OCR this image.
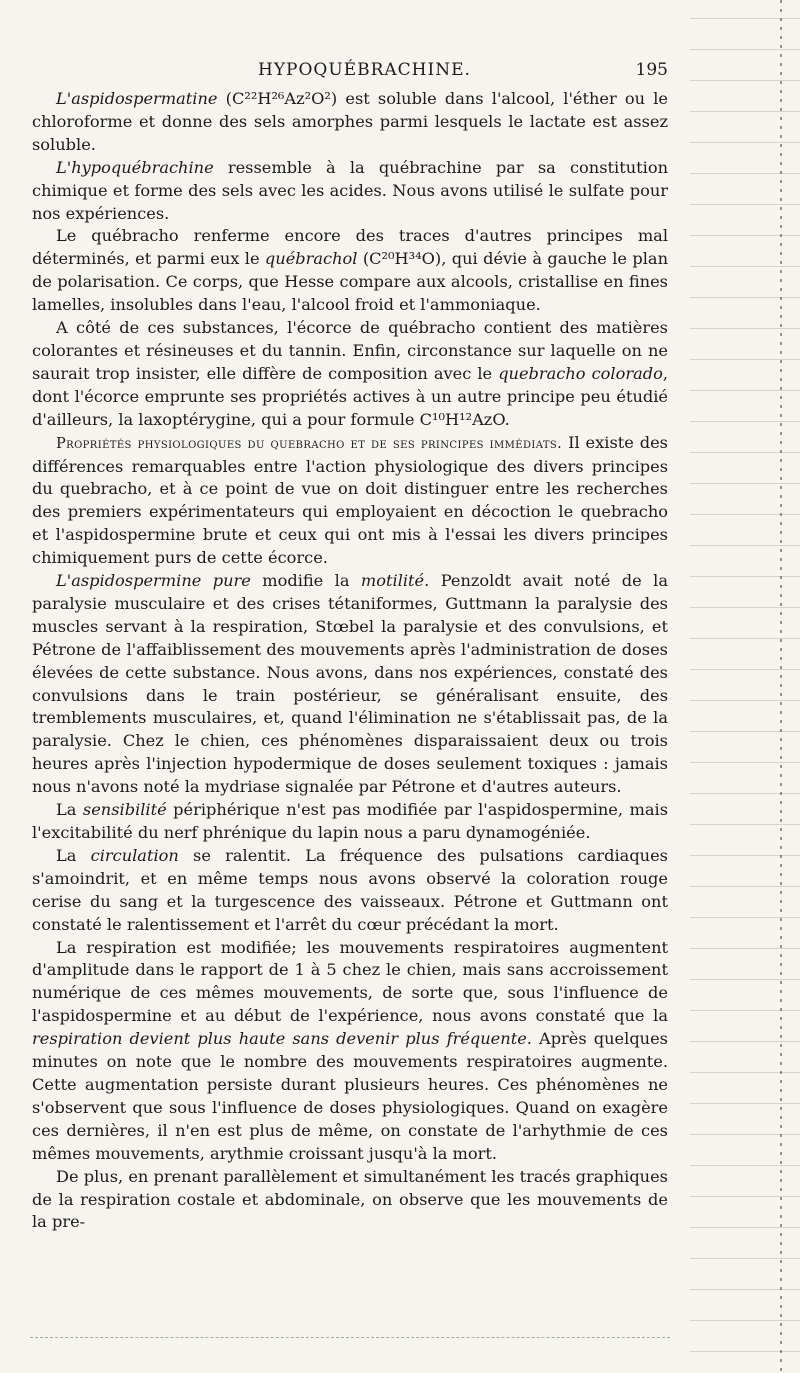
HYPOQUÉBRACHINE.	195

L'aspidospermatine (C²²H²⁶Az²O²) est soluble dans l'alcool, l'éther ou le chloroforme et donne des sels amorphes parmi lesquels le lactate est assez soluble.

L'hypoquébrachine ressemble à la québrachine par sa constitution chimique et forme des sels avec les acides. Nous avons utilisé le sulfate pour nos expériences.

Le québracho renferme encore des traces d'autres principes mal déterminés, et parmi eux le québrachol (C²⁰H³⁴O), qui dévie à gauche le plan de polarisation. Ce corps, que Hesse compare aux alcools, cristallise en fines lamelles, insolubles dans l'eau, l'alcool froid et l'ammoniaque.

A côté de ces substances, l'écorce de québracho contient des matières colorantes et résineuses et du tannin. Enfin, circonstance sur laquelle on ne saurait trop insister, elle diffère de composition avec le quebracho colorado, dont l'écorce emprunte ses propriétés actives à un autre principe peu étudié d'ailleurs, la laxoptérygine, qui a pour formule C¹⁰H¹²AzO.

Propriétés physiologiques du quebracho et de ses principes immédiats. Il existe des différences remarquables entre l'action physiologique des divers principes du quebracho, et à ce point de vue on doit distinguer entre les recherches des premiers expérimentateurs qui employaient en décoction le quebracho et l'aspidospermine brute et ceux qui ont mis à l'essai les divers principes chimiquement purs de cette écorce.

L'aspidospermine pure modifie la motilité. Penzoldt avait noté de la paralysie musculaire et des crises tétaniformes, Guttmann la paralysie des muscles servant à la respiration, Stœbel la paralysie et des convulsions, et Pétrone de l'affaiblissement des mouvements après l'administration de doses élevées de cette substance. Nous avons, dans nos expériences, constaté des convulsions dans le train postérieur, se généralisant ensuite, des tremblements musculaires, et, quand l'élimination ne s'établissait pas, de la paralysie. Chez le chien, ces phénomènes disparaissaient deux ou trois heures après l'injection hypodermique de doses seulement toxiques : jamais nous n'avons noté la mydriase signalée par Pétrone et d'autres auteurs.

La sensibilité périphérique n'est pas modifiée par l'aspidospermine, mais l'excitabilité du nerf phrénique du lapin nous a paru dynamogéniée.

La circulation se ralentit. La fréquence des pulsations cardiaques s'amoindrit, et en même temps nous avons observé la coloration rouge cerise du sang et la turgescence des vaisseaux. Pétrone et Guttmann ont constaté le ralentissement et l'arrêt du cœur précédant la mort.

La respiration est modifiée; les mouvements respiratoires augmentent d'amplitude dans le rapport de 1 à 5 chez le chien, mais sans accroissement numérique de ces mêmes mouvements, de sorte que, sous l'influence de l'aspidospermine et au début de l'expérience, nous avons constaté que la respiration devient plus haute sans devenir plus fréquente. Après quelques minutes on note que le nombre des mouvements respiratoires augmente. Cette augmentation persiste durant plusieurs heures. Ces phénomènes ne s'observent que sous l'influence de doses physiologiques. Quand on exagère ces dernières, il n'en est plus de même, on constate de l'arhythmie de ces mêmes mouvements, arythmie croissant jusqu'à la mort.

De plus, en prenant parallèlement et simultanément les tracés graphiques de la respiration costale et abdominale, on observe que les mouvements de la pre-
